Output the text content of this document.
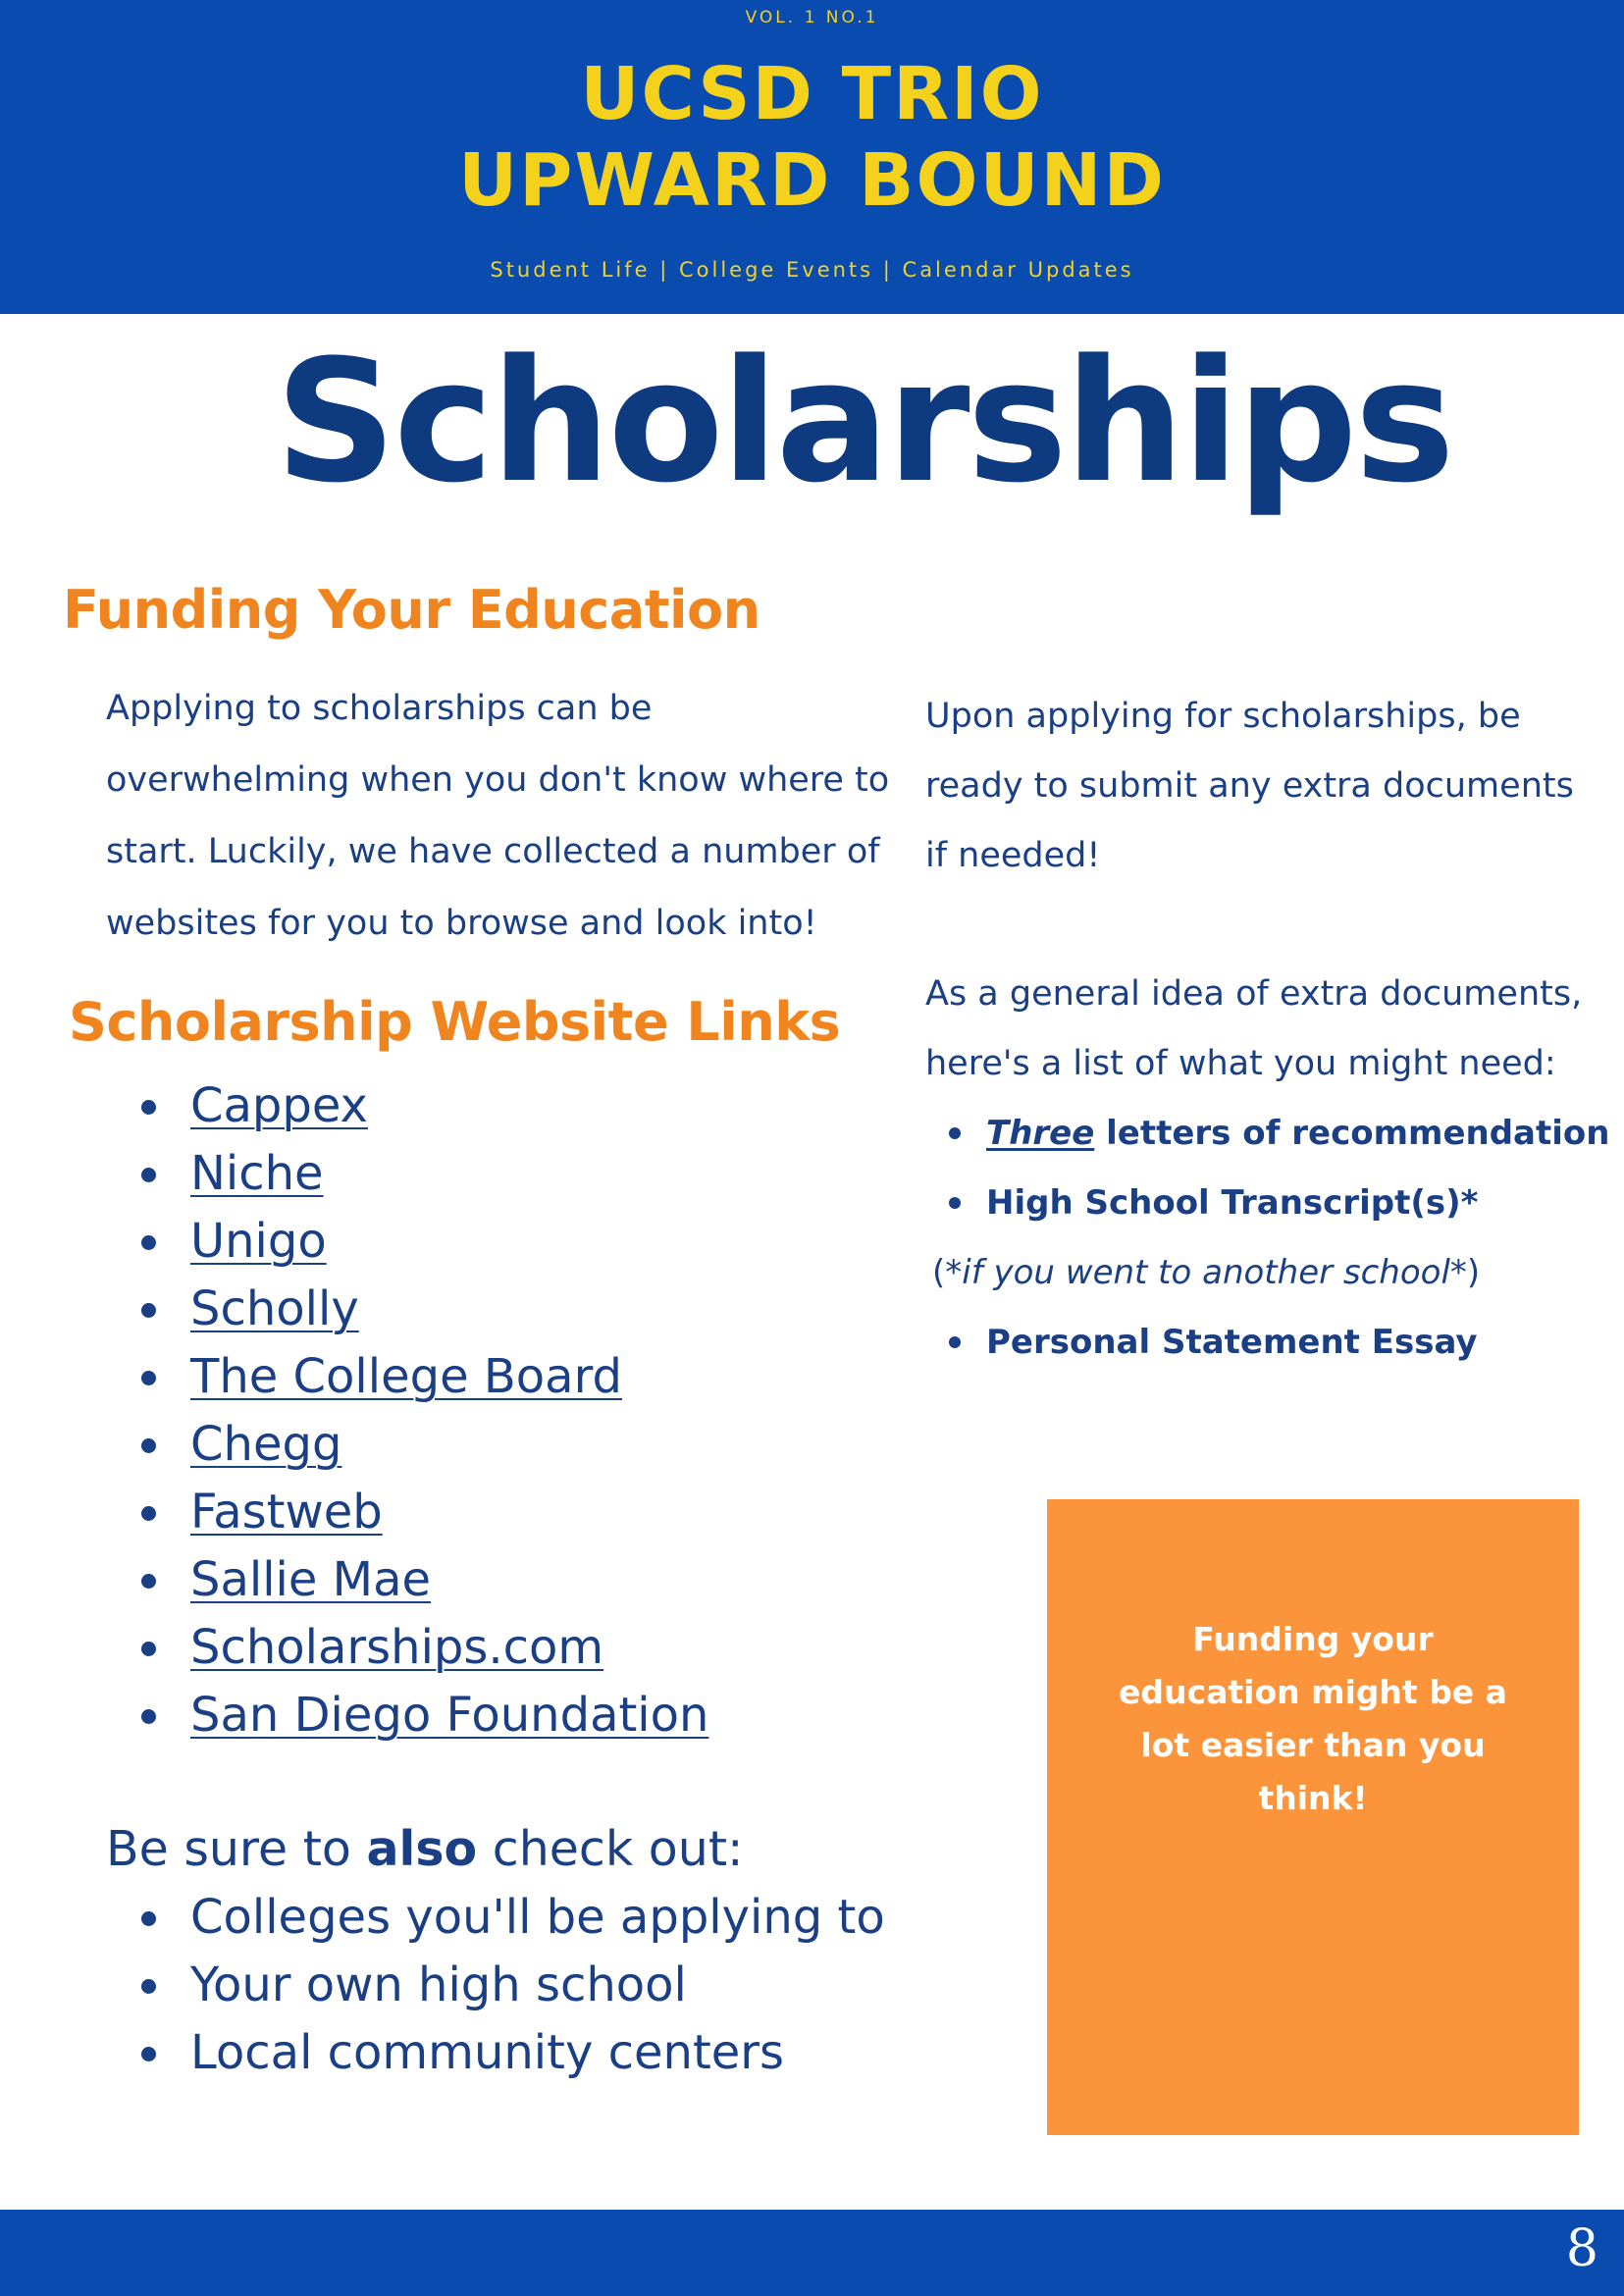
VOL. 1 NO.1
UCSD TRIO
UPWARD BOUND
Student Life | College Events | Calendar Updates
Scholarships
Funding Your Education

Applying to scholarships can be overwhelming when you don't know where to start. Luckily, we have collected a number of websites for you to browse and look into!

Scholarship Website Links
Cappex
Niche
Unigo
Scholly
The College Board
Chegg
Fastweb
Sallie Mae
Scholarships.com
San Diego Foundation
Be sure to also check out:
Colleges you'll be applying to
Your own high school
Local community centers

Upon applying for scholarships, be ready to submit any extra documents if needed!

As a general idea of extra documents, here's a list of what you might need:

Three letters of recommendation
High School Transcript(s)*
(*if you went to another school*)
Personal Statement Essay
Funding your education might be a lot easier than you think!
8
